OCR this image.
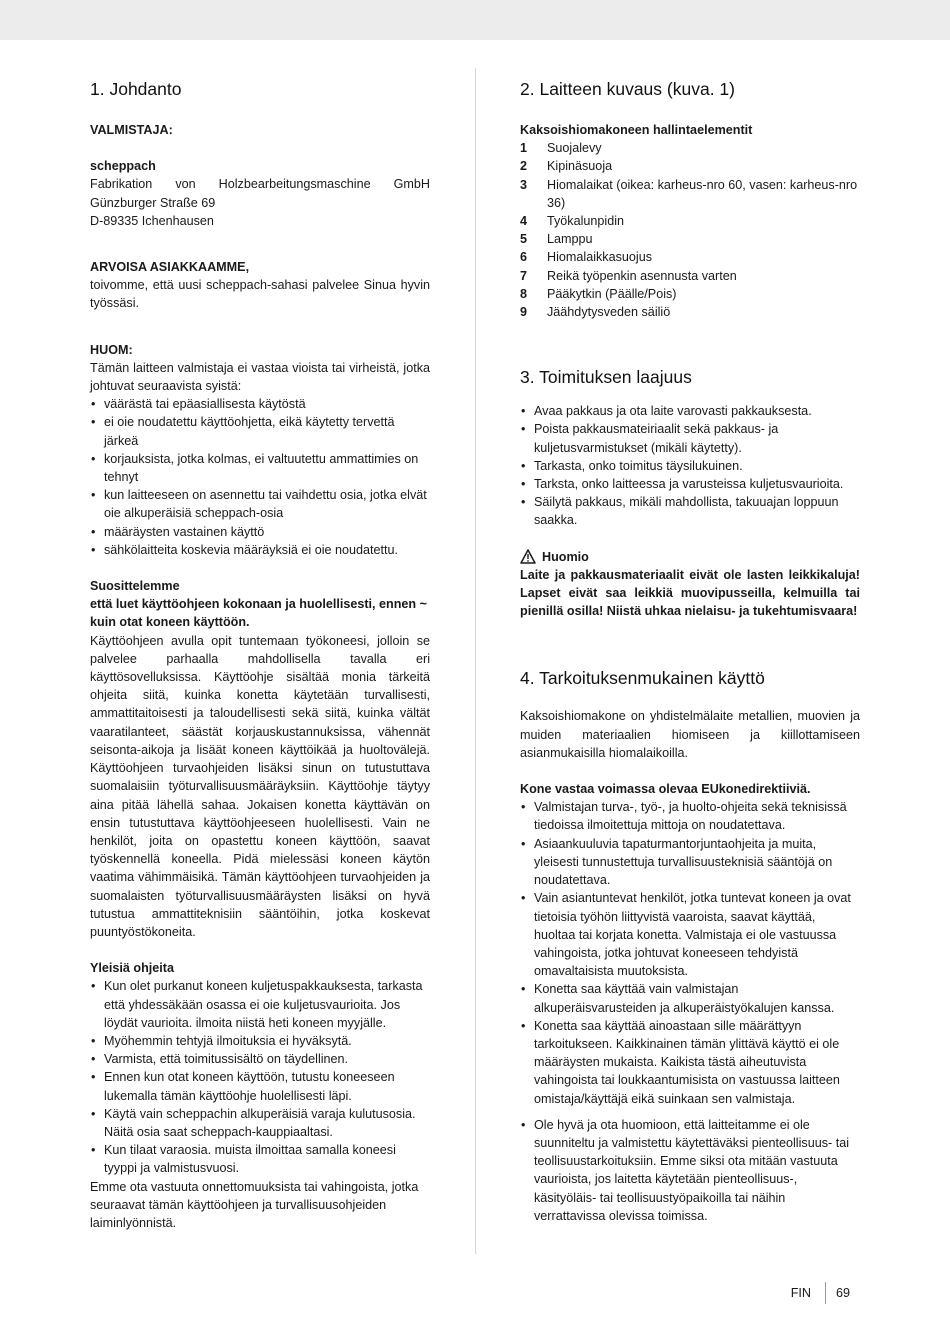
1. Johdanto

VALMISTAJA:

scheppach

Fabrikation von Holzbearbeitungsmaschine GmbH

Günzburger Straße 69

D-89335 Ichenhausen

ARVOISA ASIAKKAAMME,

toivomme, että uusi scheppach-sahasi palvelee Sinua hyvin työssäsi.

HUOM:

Tämän laitteen valmistaja ei vastaa vioista tai virheistä, jotka johtuvat seuraavista syistä:

• väärästä tai epäasiallisesta käytöstä
• ei oie noudatettu käyttöohjetta, eikä käytetty tervettä järkeä
• korjauksista, jotka kolmas, ei valtuutettu ammattimies on tehnyt
• kun laitteeseen on asennettu tai vaihdettu osia, jotka elvät oie alkuperäisiä scheppach-osia
• määräysten vastainen käyttö
• sähkölaitteita koskevia määräyksiä ei oie noudatettu.

Suosittelemme

että luet käyttöohjeen kokonaan ja huolellisesti, ennen ~ kuin otat koneen käyttöön.

Käyttöohjeen avulla opit tuntemaan työkoneesi, jolloin se palvelee parhaalla mahdollisella tavalla eri käyttösovelluksissa. Käyttöohje sisältää monia tärkeitä ohjeita siitä, kuinka konetta käytetään turvallisesti, ammattitaitoisesti ja taloudellisesti sekä siitä, kuinka vältät vaaratilanteet, säästät korjauskustannuksissa, vähennät seisonta-aikoja ja lisäät koneen käyttöikää ja huoltovälejä. Käyttöohjeen turvaohjeiden lisäksi sinun on tutustuttava suomalaisiin työturvallisuusmääräyksiin. Käyttöohje täytyy aina pitää lähellä sahaa. Jokaisen konetta käyttävän on ensin tutustuttava käyttöohjeeseen huolellisesti. Vain ne henkilöt, joita on opastettu koneen käyttöön, saavat työskennellä koneella. Pidä mielessäsi koneen käytön vaatima vähimmäisikä. Tämän käyttöohjeen turvaohjeiden ja suomalaisten työturvallisuusmääräysten lisäksi on hyvä tutustua ammattiteknisiin sääntöihin, jotka koskevat puuntyöstökoneita.

Yleisiä ohjeita

• Kun olet purkanut koneen kuljetuspakkauksesta, tarkasta että yhdessäkään osassa ei oie kuljetusvaurioita. Jos löydät vaurioita. ilmoita niistä heti koneen myyjälle.
• Myöhemmin tehtyjä ilmoituksia ei hyväksytä.
• Varmista, että toimitussisältö on täydellinen.
• Ennen kun otat koneen käyttöön, tutustu koneeseen lukemalla tämän käyttöohje huolellisesti läpi.
• Käytä vain scheppachin alkuperäisiä varaja kulutusosia. Näitä osia saat scheppach-kauppiaaltasi.
• Kun tilaat varaosia. muista ilmoittaa samalla koneesi tyyppi ja valmistusvuosi.

Emme ota vastuuta onnettomuuksista tai vahingoista, jotka seuraavat tämän käyttöohjeen ja turvallisuusohjeiden laiminlyönnistä.

2. Laitteen kuvaus (kuva. 1)

Kaksoishiomakoneen hallintaelementit

1 Suojalevy
2 Kipinäsuoja
3 Hiomalaikat (oikea: karheus-nro 60, vasen: karheus-nro 36)
4 Työkalunpidin
5 Lamppu
6 Hiomalaikkasuojus
7 Reikä työpenkin asennusta varten
8 Pääkytkin (Päälle/Pois)
9 Jäähdytysveden säiliö
3. Toimituksen laajuus
• Avaa pakkaus ja ota laite varovasti pakkauksesta.
• Poista pakkausmateiriaalit sekä pakkaus- ja kuljetusvarmistukset (mikäli käytetty).
• Tarkasta, onko toimitus täysilukuinen.
• Tarksta, onko laitteessa ja varusteissa kuljetusvaurioita.
• Säilytä pakkaus, mikäli mahdollista, takuuajan loppuun saakka.
Huomio

Laite ja pakkausmateriaalit eivät ole lasten leikkikaluja! Lapset eivät saa leikkiä muovipusseilla, kelmuilla tai pienillä osilla! Niistä uhkaa nielaisu- ja tukehtumisvaara!

4. Tarkoituksenmukainen käyttö

Kaksoishiomakone on yhdistelmälaite metallien, muovien ja muiden materiaalien hiomiseen ja kiillottamiseen asianmukaisilla hiomalaikoilla.

Kone vastaa voimassa olevaa EUkonedirektiiviä.

• Valmistajan turva-, työ-, ja huolto-ohjeita sekä teknisissä tiedoissa ilmoitettuja mittoja on noudatettava.
• Asiaankuuluvia tapaturmantorjuntaohjeita ja muita, yleisesti tunnustettuja turvallisuusteknisiä sääntöjä on noudatettava.
• Vain asiantuntevat henkilöt, jotka tuntevat koneen ja ovat tietoisia työhön liittyvistä vaaroista, saavat käyttää, huoltaa tai korjata konetta. Valmistaja ei ole vastuussa vahingoista, jotka johtuvat koneeseen tehdyistä omavaltaisista muutoksista.
• Konetta saa käyttää vain valmistajan alkuperäisvarusteiden ja alkuperäistyökalujen kanssa.
• Konetta saa käyttää ainoastaan sille määrättyyn tarkoitukseen. Kaikkinainen tämän ylittävä käyttö ei ole määräysten mukaista. Kaikista tästä aiheutuvista vahingoista tai loukkaantumisista on vastuussa laitteen omistaja/käyttäjä eikä suinkaan sen valmistaja.
• Ole hyvä ja ota huomioon, että laitteitamme ei ole suunniteltu ja valmistettu käytettäväksi pienteollisuus- tai teollisuustarkoituksiin. Emme siksi ota mitään vastuuta vaurioista, jos laitetta käytetään pienteollisuus-, käsityöläis- tai teollisuustyöpaikoilla tai näihin verrattavissa olevissa toimissa.
FIN 69
